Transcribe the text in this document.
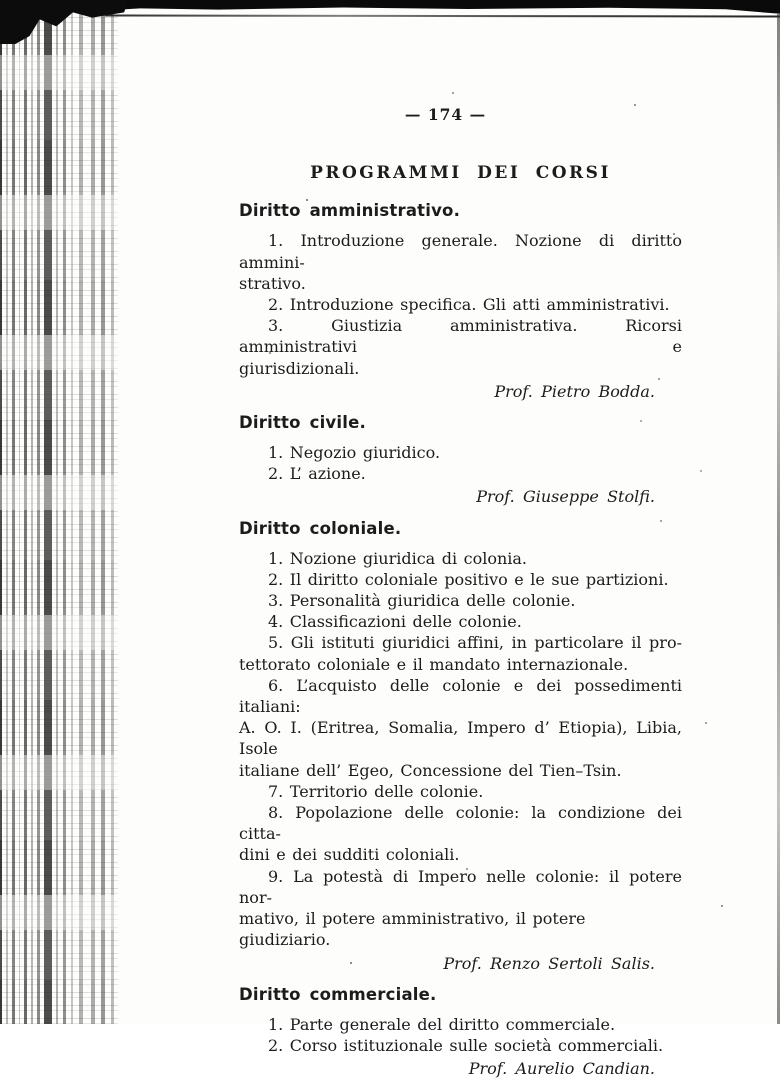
— 174 —
PROGRAMMI DEI CORSI
Diritto amministrativo.
1. Introduzione generale. Nozione di diritto ammini-
strativo.
2. Introduzione specifica. Gli atti amministrativi.
3. Giustizia amministrativa. Ricorsi amministrativi e
giurisdizionali.
Prof. Pietro Bodda.
Diritto civile.
1. Negozio giuridico.
2. L’ azione.
Prof. Giuseppe Stolfi.
Diritto coloniale.
1. Nozione giuridica di colonia.
2. Il diritto coloniale positivo e le sue partizioni.
3. Personalità giuridica delle colonie.
4. Classificazioni delle colonie.
5. Gli istituti giuridici affini, in particolare il pro-
tettorato coloniale e il mandato internazionale.
6. L’acquisto delle colonie e dei possedimenti italiani:
A. O. I. (Eritrea, Somalia, Impero d’ Etiopia), Libia, Isole
italiane dell’ Egeo, Concessione del Tien–Tsin.
7. Territorio delle colonie.
8. Popolazione delle colonie: la condizione dei citta-
dini e dei sudditi coloniali.
9. La potestà di Impero nelle colonie: il potere nor-
mativo, il potere amministrativo, il potere giudiziario.
Prof. Renzo Sertoli Salis.
Diritto commerciale.
1. Parte generale del diritto commerciale.
2. Corso istituzionale sulle società commerciali.
Prof. Aurelio Candian.
